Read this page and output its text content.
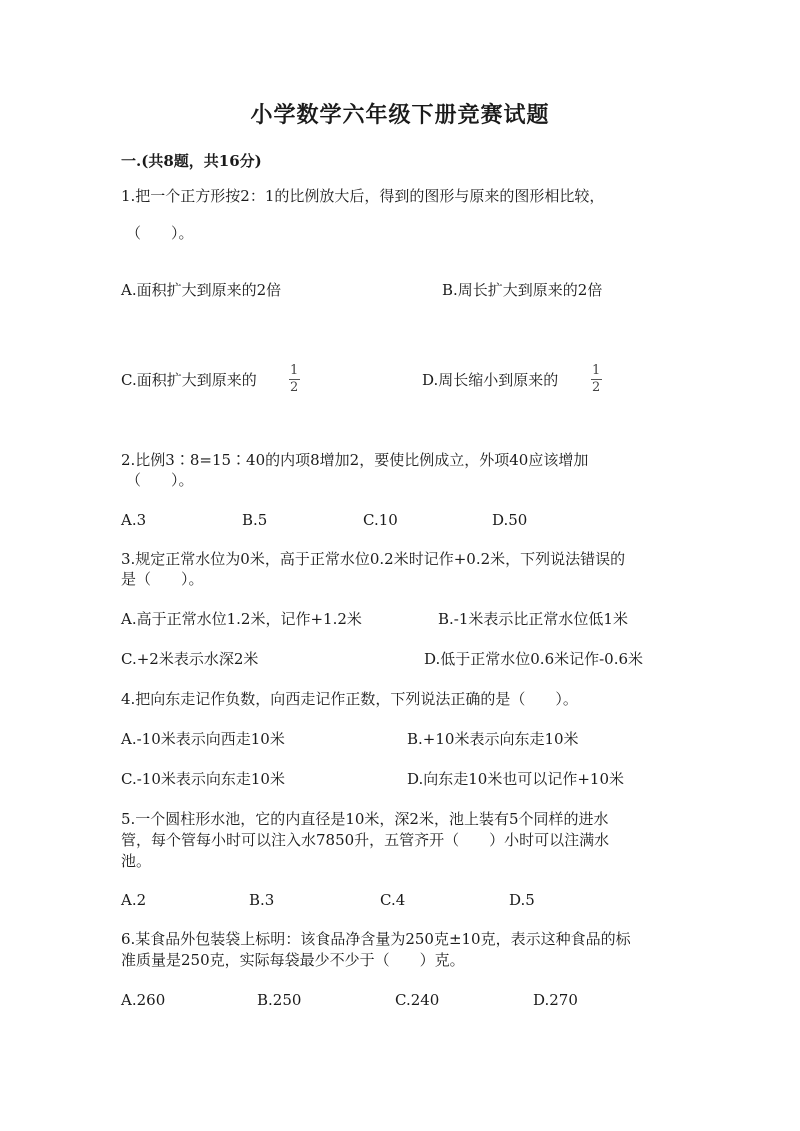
小学数学六年级下册竞赛试题
一.(共8题，共16分)
1.把一个正方形按2：1的比例放大后，得到的图形与原来的图形相比较，
（　　）。
A.面积扩大到原来的2倍	B.周长扩大到原来的2倍
C.面积扩大到原来的
1
2	D.周长缩小到原来的
1
2
2.比例3∶8=15∶40的内项8增加2，要使比例成立，外项40应该增加
（　　）。
A.3	B.5	C.10	D.50
3.规定正常水位为0米，高于正常水位0.2米时记作+0.2米，下列说法错误的
是（　　）。
A.高于正常水位1.2米，记作+1.2米	B.-1米表示比正常水位低1米
C.+2米表示水深2米	D.低于正常水位0.6米记作-0.6米
4.把向东走记作负数，向西走记作正数，下列说法正确的是（　　）。
A.-10米表示向西走10米	B.+10米表示向东走10米
C.-10米表示向东走10米	D.向东走10米也可以记作+10米
5.一个圆柱形水池，它的内直径是10米，深2米，池上装有5个同样的进水
管，每个管每小时可以注入水7850升，五管齐开（　　）小时可以注满水
池。
A.2	B.3	C.4	D.5
6.某食品外包装袋上标明：该食品净含量为250克±10克，表示这种食品的标
准质量是250克，实际每袋最少不少于（　　）克。
A.260	B.250	C.240	D.270
